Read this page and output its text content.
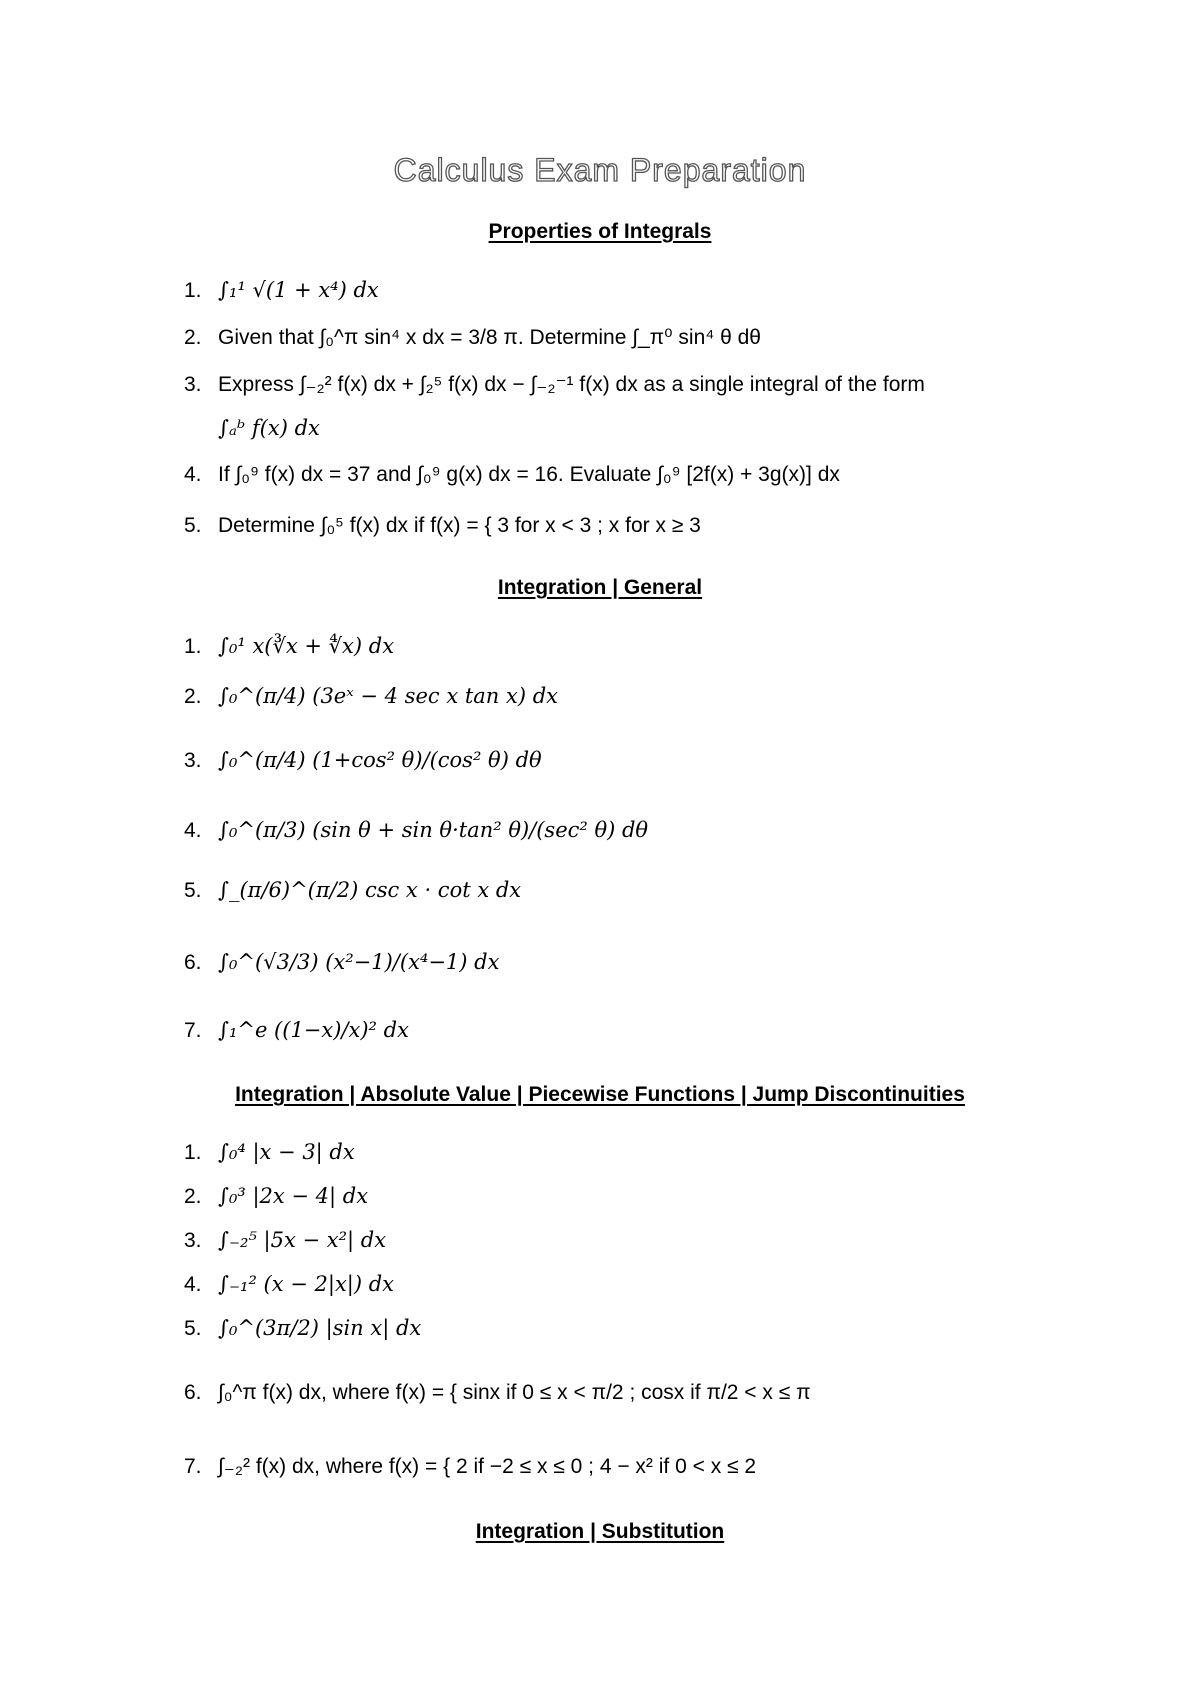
Calculus Exam Preparation
Properties of Integrals
1. ∫₁¹ √(1 + x⁴) dx
2. Given that ∫₀^π sin⁴ x dx = 3/8 π. Determine ∫_π⁰ sin⁴ θ dθ
3. Express ∫₋₂² f(x) dx + ∫₂⁵ f(x) dx − ∫₋₂⁻¹ f(x) dx as a single integral of the form
∫ₐᵇ f(x) dx
4. If ∫₀⁹ f(x) dx = 37 and ∫₀⁹ g(x) dx = 16. Evaluate ∫₀⁹ [2f(x) + 3g(x)] dx
5. Determine ∫₀⁵ f(x) dx if f(x) = { 3 for x < 3 ; x for x ≥ 3
Integration | General
1. ∫₀¹ x(∛x + ∜x) dx
2. ∫₀^(π/4) (3eˣ − 4 sec x tan x) dx
3. ∫₀^(π/4) (1+cos² θ)/(cos² θ) dθ
4. ∫₀^(π/3) (sin θ + sin θ·tan² θ)/(sec² θ) dθ
5. ∫_(π/6)^(π/2) csc x · cot x dx
6. ∫₀^(√3/3) (x²−1)/(x⁴−1) dx
7. ∫₁^e ((1−x)/x)² dx
Integration | Absolute Value | Piecewise Functions | Jump Discontinuities
1. ∫₀⁴ |x − 3| dx
2. ∫₀³ |2x − 4| dx
3. ∫₋₂⁵ |5x − x²| dx
4. ∫₋₁² (x − 2|x|) dx
5. ∫₀^(3π/2) |sin x| dx
6. ∫₀^π f(x) dx, where f(x) = { sinx if 0 ≤ x < π/2 ; cosx if π/2 < x ≤ π
7. ∫₋₂² f(x) dx, where f(x) = { 2 if −2 ≤ x ≤ 0 ; 4 − x² if 0 < x ≤ 2
Integration | Substitution
